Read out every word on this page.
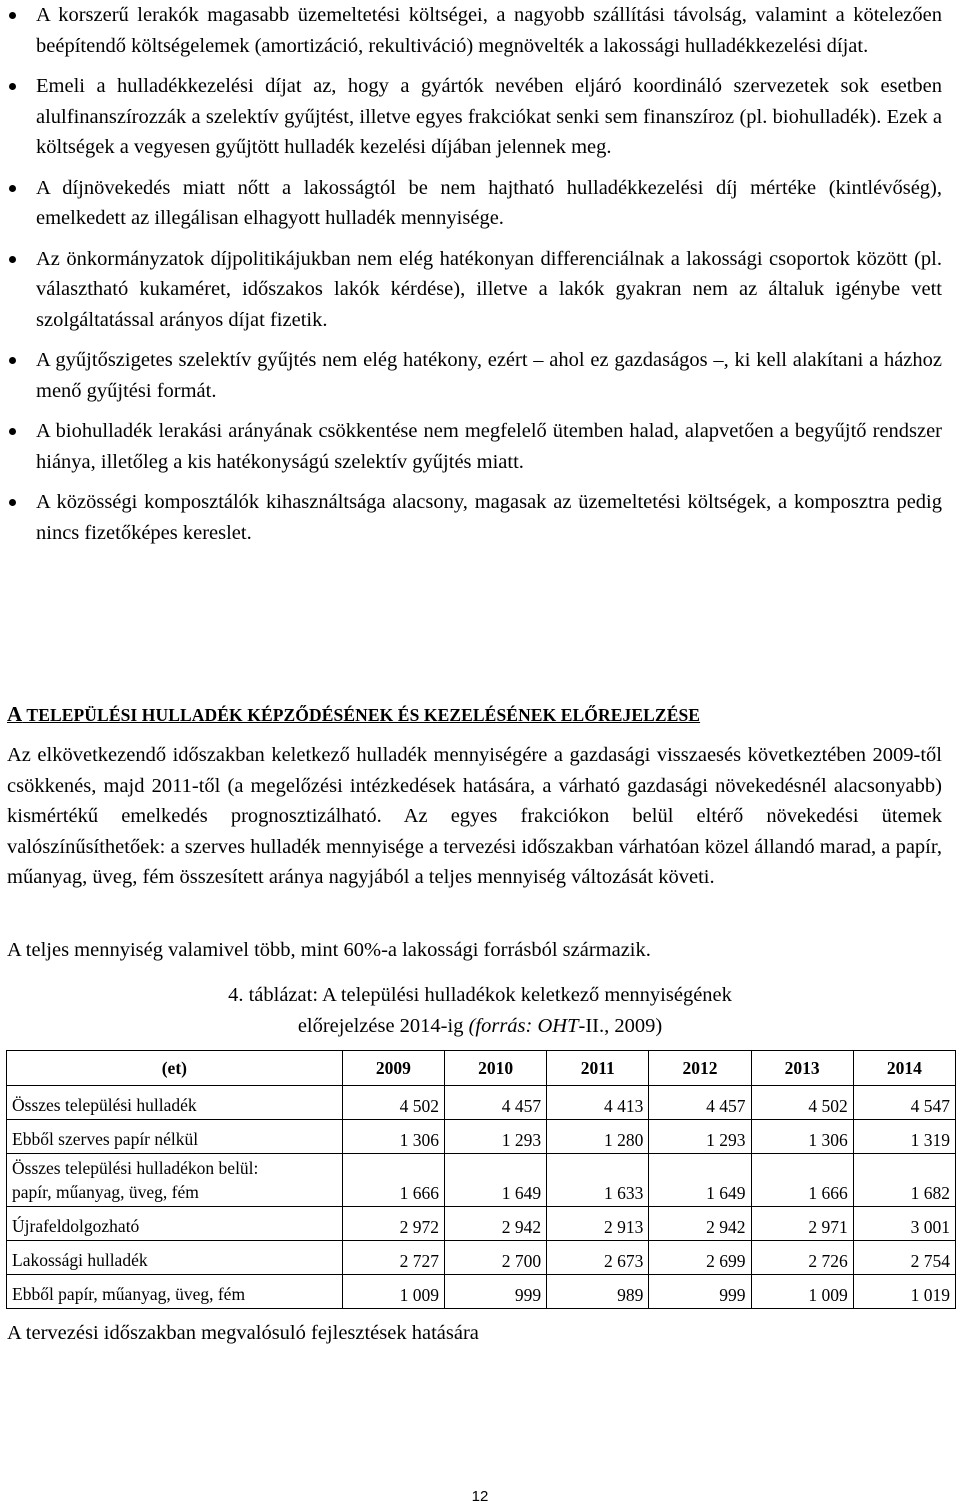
A korszerű lerakók magasabb üzemeltetési költségei, a nagyobb szállítási távolság, valamint a kötelezően beépítendő költségelemek (amortizáció, rekultiváció) megnövelték a lakossági hulladékkezelési díjat.
Emeli a hulladékkezelési díjat az, hogy a gyártók nevében eljáró koordináló szervezetek sok esetben alulfinanszírozzák a szelektív gyűjtést, illetve egyes frakciókat senki sem finanszíroz (pl. biohulladék). Ezek a költségek a vegyesen gyűjtött hulladék kezelési díjában jelennek meg.
A díjnövekedés miatt nőtt a lakosságtól be nem hajtható hulladékkezelési díj mértéke (kintlévőség), emelkedett az illegálisan elhagyott hulladék mennyisége.
Az önkormányzatok díjpolitikájukban nem elég hatékonyan differenciálnak a lakossági csoportok között (pl. választható kukaméret, időszakos lakók kérdése), illetve a lakók gyakran nem az általuk igénybe vett szolgáltatással arányos díjat fizetik.
A gyűjtőszigetes szelektív gyűjtés nem elég hatékony, ezért – ahol ez gazdaságos –, ki kell alakítani a házhoz menő gyűjtési formát.
A biohulladék lerakási arányának csökkentése nem megfelelő ütemben halad, alapvetően a begyűjtő rendszer hiánya, illetőleg a kis hatékonyságú szelektív gyűjtés miatt.
A közösségi komposztálók kihasználtsága alacsony, magasak az üzemeltetési költségek, a komposztra pedig nincs fizetőképes kereslet.
A TELEPÜLÉSI HULLADÉK KÉPZŐDÉSÉNEK ÉS KEZELÉSÉNEK ELŐREJELZÉSE
Az elkövetkezendő időszakban keletkező hulladék mennyiségére a gazdasági visszaesés következtében 2009-től csökkenés, majd 2011-től (a megelőzési intézkedések hatására, a várható gazdasági növekedésnél alacsonyabb) kismértékű emelkedés prognosztizálható. Az egyes frakciókon belül eltérő növekedési ütemek valószínűsíthetőek: a szerves hulladék mennyisége a tervezési időszakban várhatóan közel állandó marad, a papír, műanyag, üveg, fém összesített aránya nagyjából a teljes mennyiség változását követi.
A teljes mennyiség valamivel több, mint 60%-a lakossági forrásból származik.
4. táblázat: A települési hulladékok keletkező mennyiségének
előrejelzése 2014-ig (forrás: OHT-II., 2009)
(et)	2009	2010	2011	2012	2013	2014
Összes települési hulladék	4 502	4 457	4 413	4 457	4 502	4 547
Ebből szerves papír nélkül	1 306	1 293	1 280	1 293	1 306	1 319

Összes települési hulladékon belül:
papír, műanyag, üveg, fém	1 666	1 649	1 633	1 649	1 666	1 682
Újrafeldolgozható	2 972	2 942	2 913	2 942	2 971	3 001
Lakossági hulladék	2 727	2 700	2 673	2 699	2 726	2 754
Ebből papír, műanyag, üveg, fém	1 009	999	989	999	1 009	1 019
A tervezési időszakban megvalósuló fejlesztések hatására
12
